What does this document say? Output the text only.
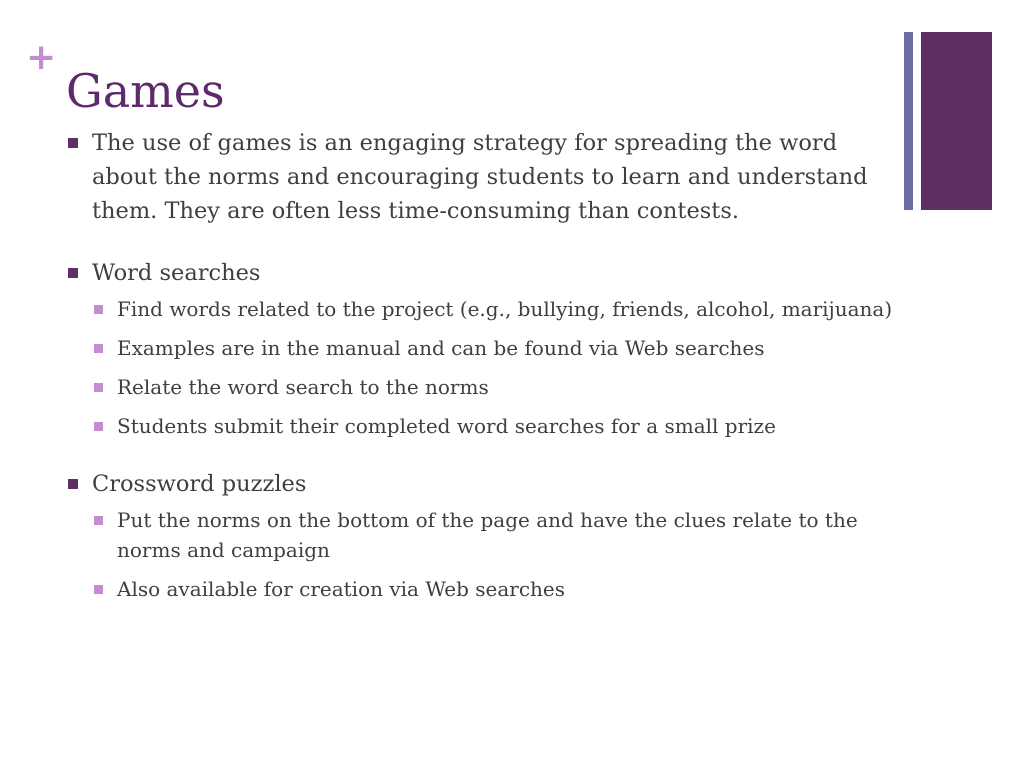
+
Games
The use of games is an engaging strategy for spreading the word about the norms and encouraging students to learn and understand them. They are often less time-consuming than contests.
Word searches
Find words related to the project (e.g., bullying, friends, alcohol, marijuana)
Examples are in the manual and can be found via Web searches
Relate the word search to the norms
Students submit their completed word searches for a small prize
Crossword puzzles
Put the norms on the bottom of the page and have the clues relate to the norms and campaign
Also available for creation via Web searches
